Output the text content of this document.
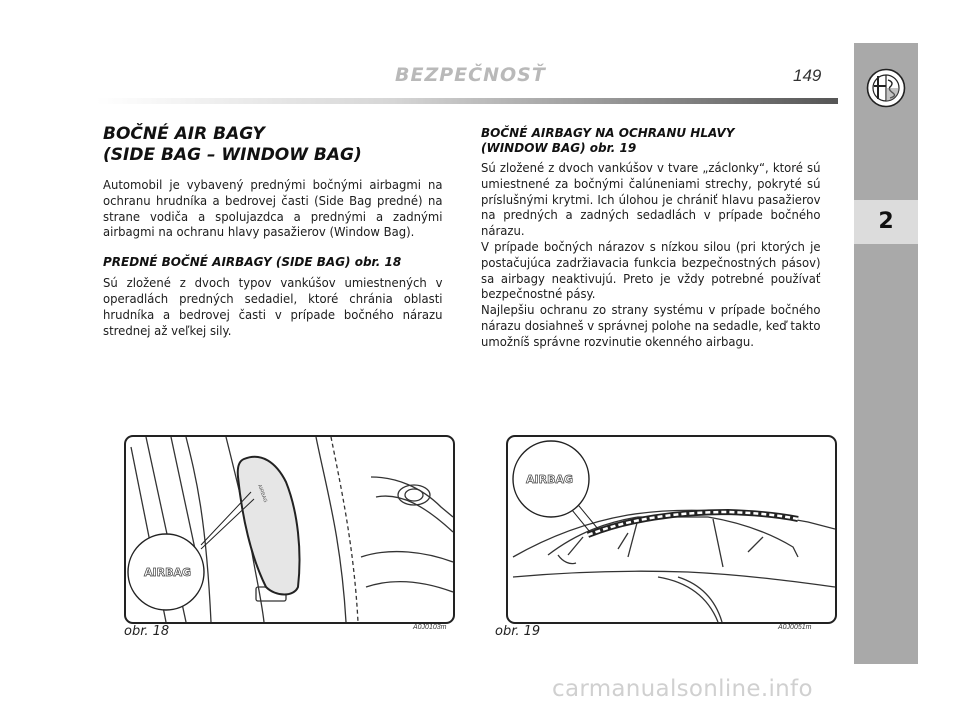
BEZPEČNOSŤ	149
2
BOČNÉ AIR BAGY
(SIDE BAG – WINDOW BAG)

Automobil je vybavený prednými bočnými airbagmi na ochranu hrudníka a bedrovej časti (Side Bag predné) na strane vodiča a spolujazdca a prednými a zadnými airbagmi na ochranu hlavy pasažierov (Window Bag).

PREDNÉ BOČNÉ AIRBAGY (SIDE BAG) obr. 18

Sú zložené z dvoch typov vankúšov umiestnených v operadlách predných sedadiel, ktoré chránia oblasti hrudníka a bedrovej časti v prípade bočného nárazu strednej až veľkej sily.

BOČNÉ AIRBAGY NA OCHRANU HLAVY
(WINDOW BAG) obr. 19

Sú zložené z dvoch vankúšov v tvare „záclonky“, ktoré sú umiestnené za bočnými čalúneniami strechy, pokryté sú príslušnými krytmi. Ich úlohou je chrániť hlavu pasažierov na predných a zadných sedadlách v prípade bočného nárazu.

V prípade bočných nárazov s nízkou silou (pri ktorých je postačujúca zadržiavacia funkcia bezpečnostných pásov) sa airbagy neaktivujú. Preto je vždy potrebné používať bezpečnostné pásy.

Najlepšiu ochranu zo strany systému v prípade bočného nárazu dosiahneš v správnej polohe na sedadle, keď takto umožníš správne rozvinutie okenného airbagu.

AIRBAG
AIRBAG
obr. 18	A0J0103m
AIRBAG
obr. 19	A0J0051m
carmanualsonline.info
